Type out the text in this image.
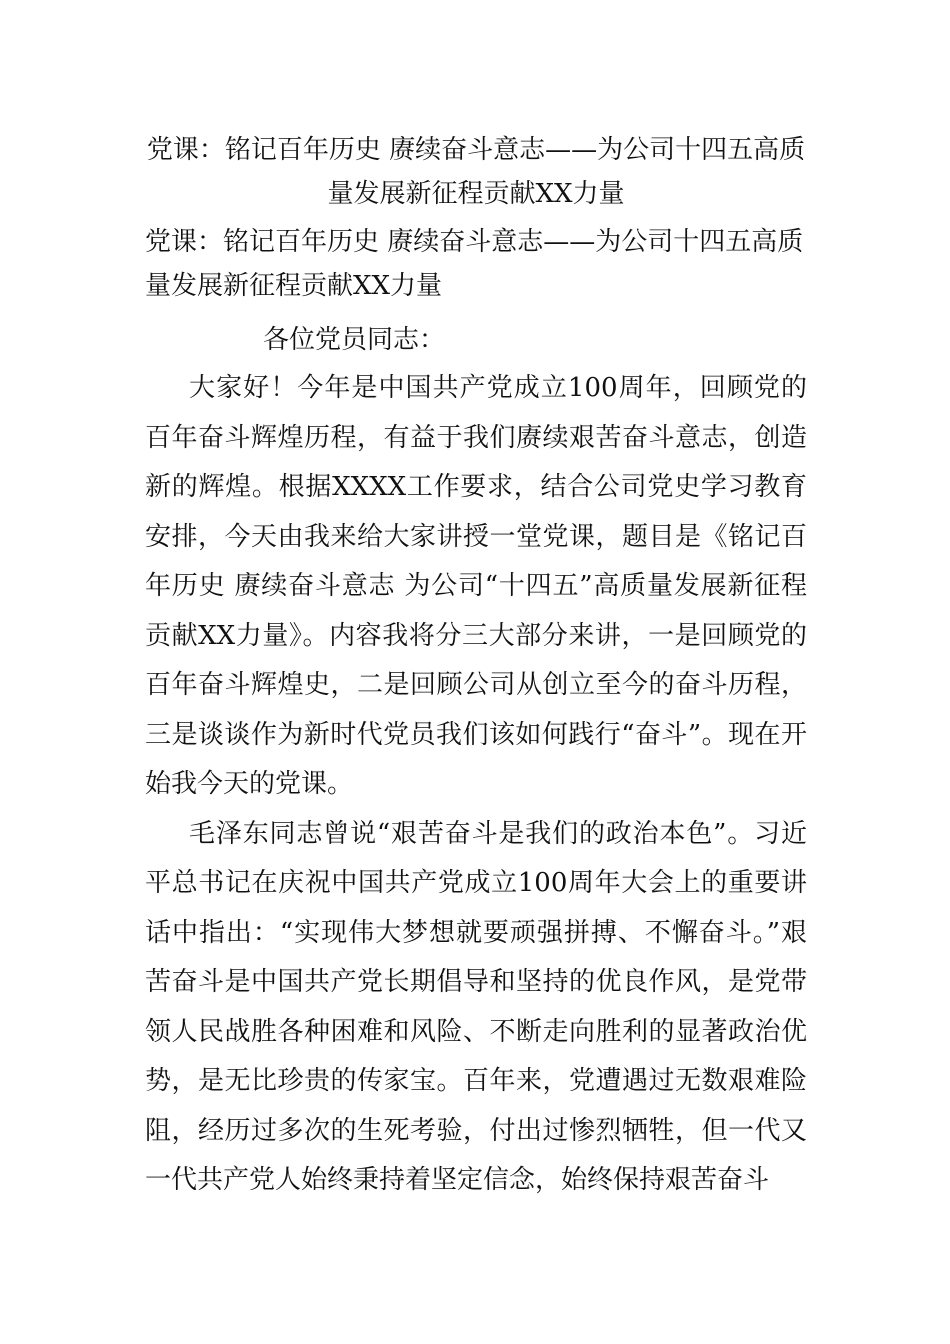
党课：铭记百年历史 赓续奋斗意志——为公司十四五高质量发展新征程贡献XX力量

党课：铭记百年历史 赓续奋斗意志——为公司十四五高质量发展新征程贡献XX力量

各位党员同志：

大家好！今年是中国共产党成立100周年，回顾党的百年奋斗辉煌历程，有益于我们赓续艰苦奋斗意志，创造新的辉煌。根据XXXX工作要求，结合公司党史学习教育安排，今天由我来给大家讲授一堂党课，题目是《铭记百年历史 赓续奋斗意志 为公司“十四五”高质量发展新征程贡献XX力量》。内容我将分三大部分来讲，一是回顾党的百年奋斗辉煌史，二是回顾公司从创立至今的奋斗历程，三是谈谈作为新时代党员我们该如何践行“奋斗”。现在开始我今天的党课。

毛泽东同志曾说“艰苦奋斗是我们的政治本色”。习近平总书记在庆祝中国共产党成立100周年大会上的重要讲话中指出：“实现伟大梦想就要顽强拼搏、不懈奋斗。”艰苦奋斗是中国共产党长期倡导和坚持的优良作风，是党带领人民战胜各种困难和风险、不断走向胜利的显著政治优势，是无比珍贵的传家宝。百年来，党遭遇过无数艰难险阻，经历过多次的生死考验，付出过惨烈牺牲，但一代又一代共产党人始终秉持着坚定信念，始终保持艰苦奋斗
